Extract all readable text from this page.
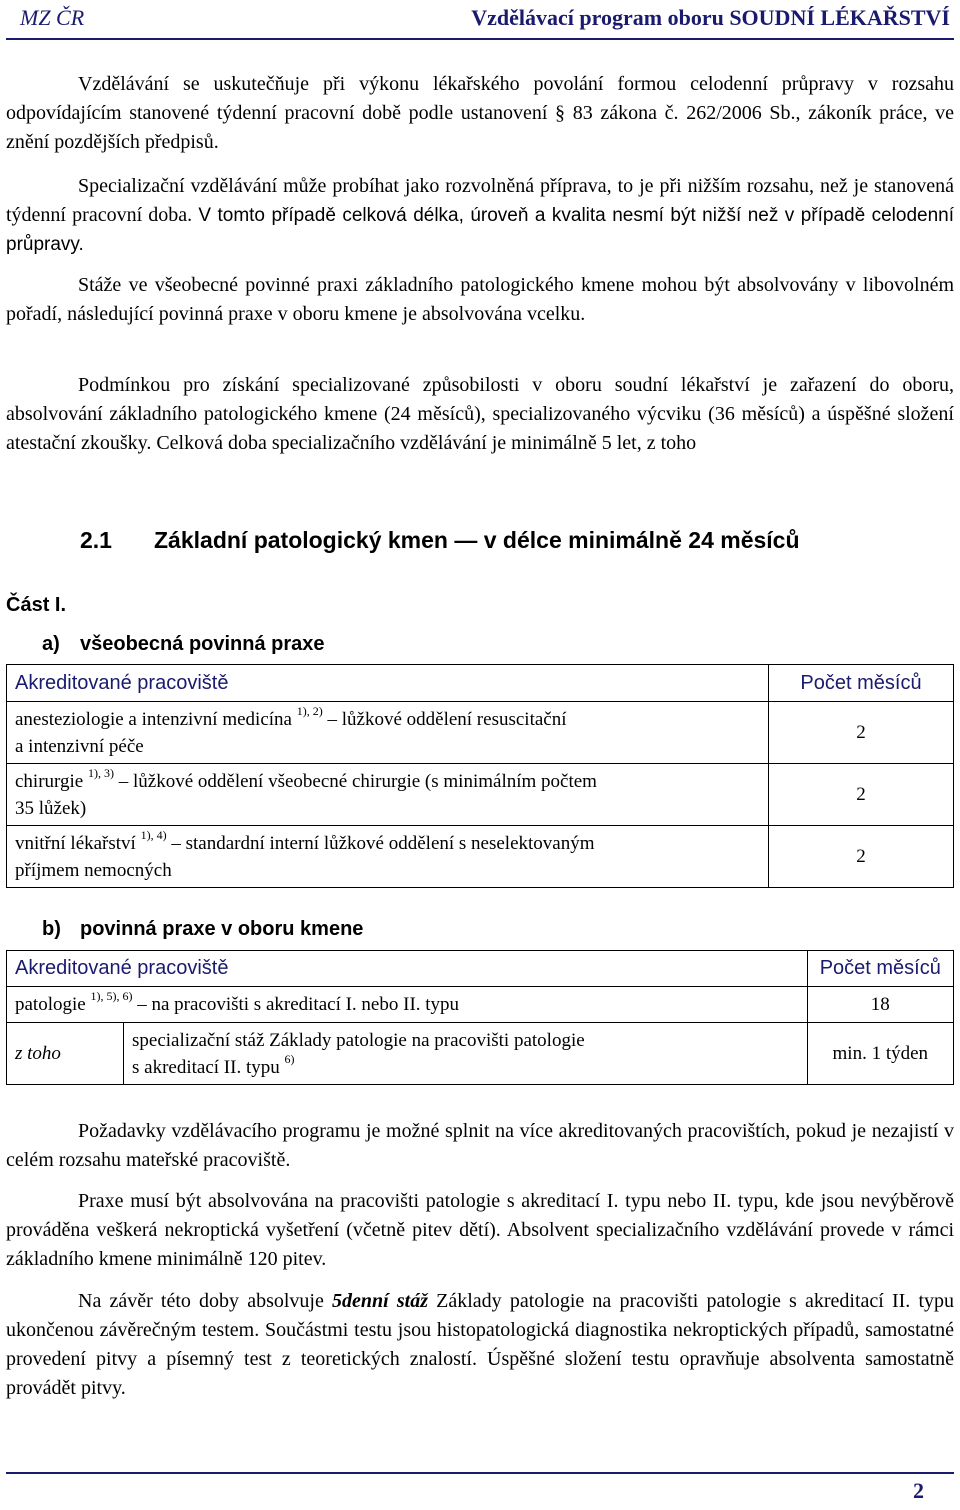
MZ ČR	Vzdělávací program oboru SOUDNÍ LÉKAŘSTVÍ

Vzdělávání se uskutečňuje při výkonu lékařského povolání formou celodenní průpravy v rozsahu odpovídajícím stanovené týdenní pracovní době podle ustanovení § 83 zákona č. 262/2006 Sb., zákoník práce, ve znění pozdějších předpisů.

Specializační vzdělávání může probíhat jako rozvolněná příprava, to je při nižším rozsahu, než je stanovená týdenní pracovní doba. V tomto případě celková délka, úroveň a kvalita nesmí být nižší než v případě celodenní průpravy.

Stáže ve všeobecné povinné praxi základního patologického kmene mohou být absolvovány v libovolném pořadí, následující povinná praxe v oboru kmene je absolvována vcelku.

Podmínkou pro získání specializované způsobilosti v oboru soudní lékařství je zařazení do oboru, absolvování základního patologického kmene (24 měsíců), specializovaného výcviku (36 měsíců) a úspěšné složení atestační zkoušky. Celková doba specializačního vzdělávání je minimálně 5 let, z toho

2.1 Základní patologický kmen — v délce minimálně 24 měsíců
Část I.
a) všeobecná povinná praxe
Akreditované pracoviště	Počet měsíců
anesteziologie a intenzivní medicína $^{1), 2)}$ – lůžkové oddělení resuscitační
a intenzivní péče	2
chirurgie $^{1), 3)}$ – lůžkové oddělení všeobecné chirurgie (s minimálním počtem
35 lůžek)	2
vnitřní lékařství $^{1), 4)}$ – standardní interní lůžkové oddělení s neselektovaným
příjmem nemocných	2
b) povinná praxe v oboru kmene
Akreditované pracoviště		Počet měsíců
patologie $^{1), 5), 6)}$ – na pracovišti s akreditací I. nebo II. typu		18
z toho	specializační stáž Základy patologie na pracovišti patologie
s akreditací II. typu $^{6)}$	min. 1 týden

Požadavky vzdělávacího programu je možné splnit na více akreditovaných pracovištích, pokud je nezajistí v celém rozsahu mateřské pracoviště.

Praxe musí být absolvována na pracovišti patologie s akreditací I. typu nebo II. typu, kde jsou nevýběrově prováděna veškerá nekroptická vyšetření (včetně pitev dětí). Absolvent specializačního vzdělávání provede v rámci základního kmene minimálně 120 pitev.

Na závěr této doby absolvuje 5denní stáž Základy patologie na pracovišti patologie s akreditací II. typu ukončenou závěrečným testem. Součástmi testu jsou histopatologická diagnostika nekroptických případů, samostatné provedení pitvy a písemný test z teoretických znalostí. Úspěšné složení testu opravňuje absolventa samostatně provádět pitvy.

2
